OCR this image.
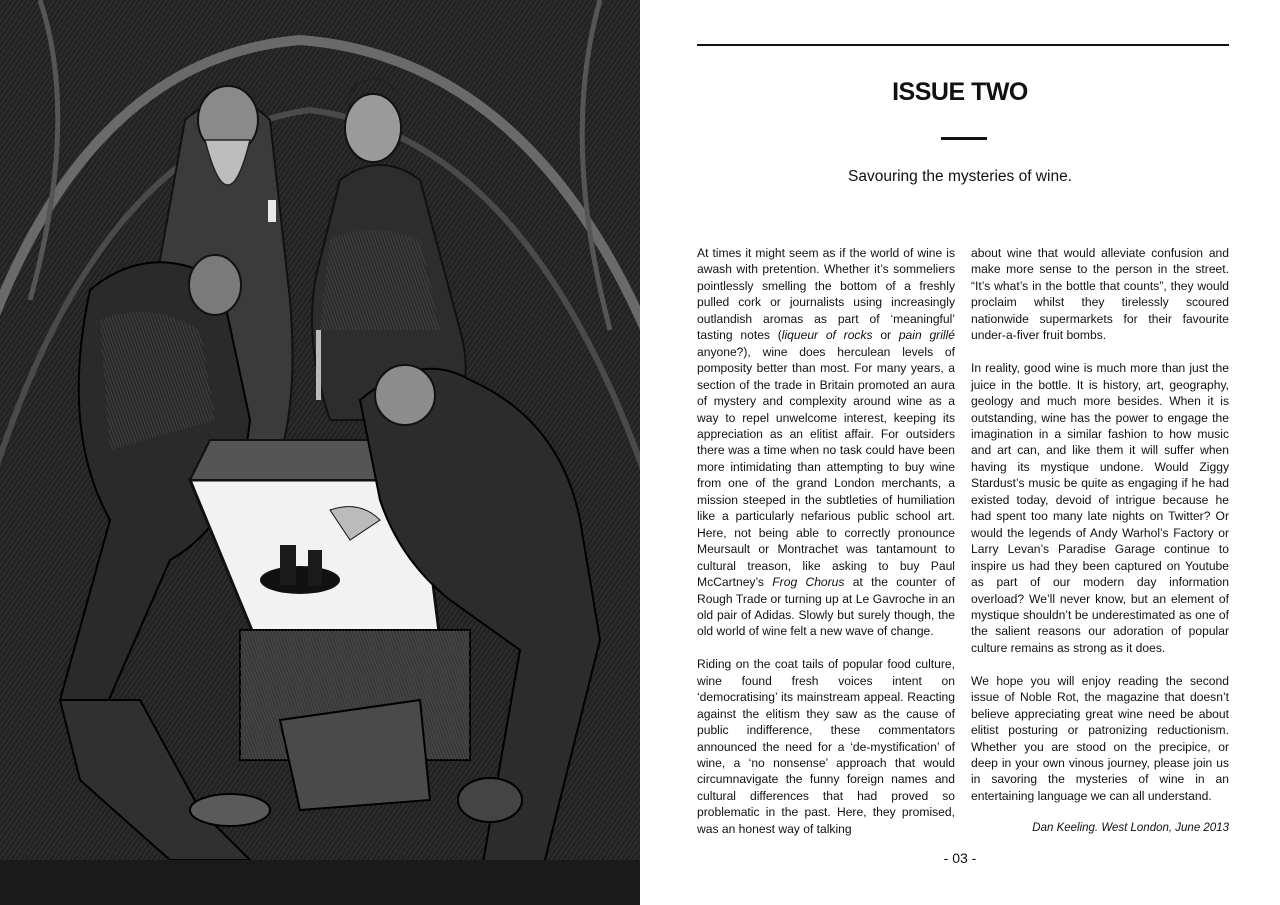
ISSUE TWO
Savouring the mysteries of wine.

At times it might seem as if the world of wine is awash with pretention. Whether it’s sommeliers pointlessly smelling the bottom of a freshly pulled cork or journalists using increasingly outlandish aromas as part of ‘meaningful’ tasting notes (liqueur of rocks or pain grillé anyone?), wine does herculean levels of pomposity better than most. For many years, a section of the trade in Britain promoted an aura of mystery and complexity around wine as a way to repel unwelcome interest, keeping its appreciation as an elitist affair. For outsiders there was a time when no task could have been more intimidating than attempting to buy wine from one of the grand London merchants, a mission steeped in the subtleties of humiliation like a particularly nefarious public school art. Here, not being able to correctly pronounce Meursault or Montrachet was tantamount to cultural treason, like asking to buy Paul McCartney’s Frog Chorus at the counter of Rough Trade or turning up at Le Gavroche in an old pair of Adidas. Slowly but surely though, the old world of wine felt a new wave of change.

Riding on the coat tails of popular food culture, wine found fresh voices intent on ‘democratising’ its mainstream appeal. Reacting against the elitism they saw as the cause of public indifference, these commentators announced the need for a ‘de-mystification’ of wine, a ‘no nonsense’ approach that would circumnavigate the funny foreign names and cultural differences that had proved so problematic in the past. Here, they promised, was an honest way of talking

about wine that would alleviate confusion and make more sense to the person in the street. “It’s what’s in the bottle that counts”, they would proclaim whilst they tirelessly scoured nationwide supermarkets for their favourite under-a-fiver fruit bombs.

In reality, good wine is much more than just the juice in the bottle. It is history, art, geography, geology and much more besides. When it is outstanding, wine has the power to engage the imagination in a similar fashion to how music and art can, and like them it will suffer when having its mystique undone. Would Ziggy Stardust’s music be quite as engaging if he had existed today, devoid of intrigue because he had spent too many late nights on Twitter? Or would the legends of Andy Warhol’s Factory or Larry Levan’s Paradise Garage continue to inspire us had they been captured on Youtube as part of our modern day information overload? We’ll never know, but an element of mystique shouldn’t be underestimated as one of the salient reasons our adoration of popular culture remains as strong as it does.

We hope you will enjoy reading the second issue of Noble Rot, the magazine that doesn’t believe appreciating great wine need be about elitist posturing or patronizing reductionism. Whether you are stood on the precipice, or deep in your own vinous journey, please join us in savoring the mysteries of wine in an entertaining language we can all understand.

Dan Keeling. West London, June 2013
- 03 -
